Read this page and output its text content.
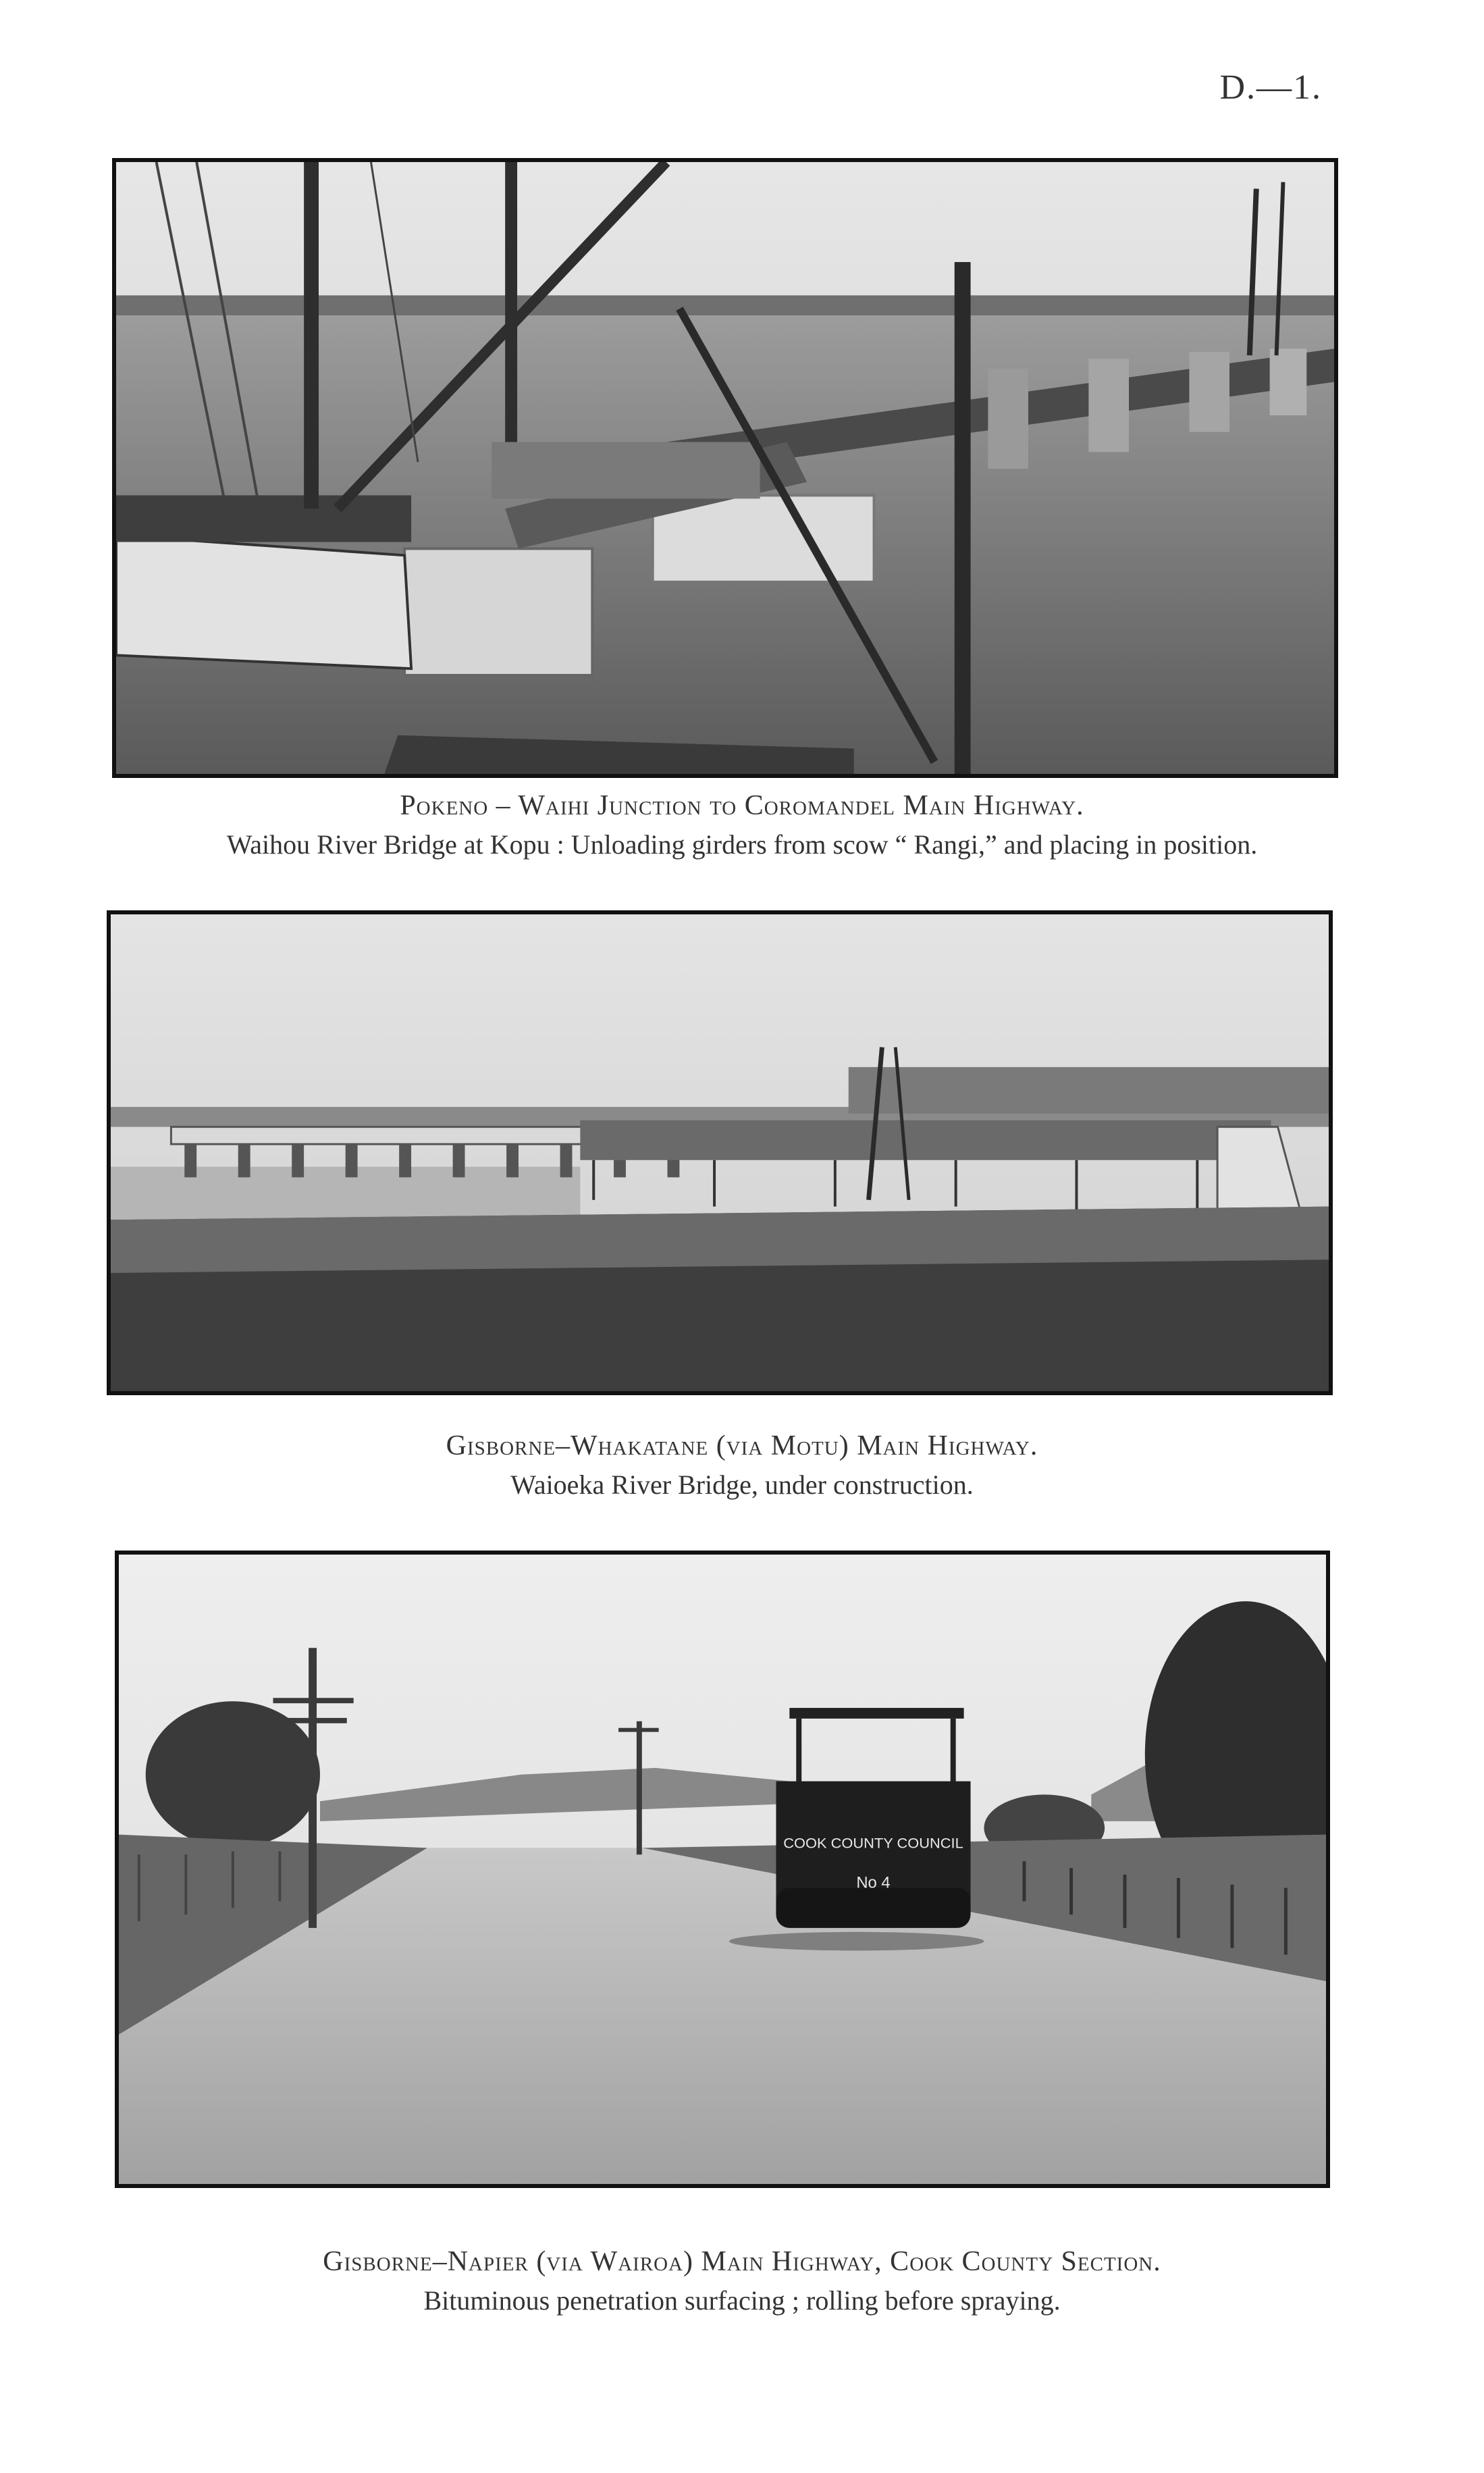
D.—1.
Pokeno – Waihi Junction to Coromandel Main Highway.
Waihou River Bridge at Kopu : Unloading girders from scow “ Rangi,” and placing in position.
Gisborne–Whakatane (via Motu) Main Highway.
Waioeka River Bridge, under construction.
COOK COUNTY COUNCIL
No 4
Gisborne–Napier (via Wairoa) Main Highway, Cook County Section.
Bituminous penetration surfacing ; rolling before spraying.
